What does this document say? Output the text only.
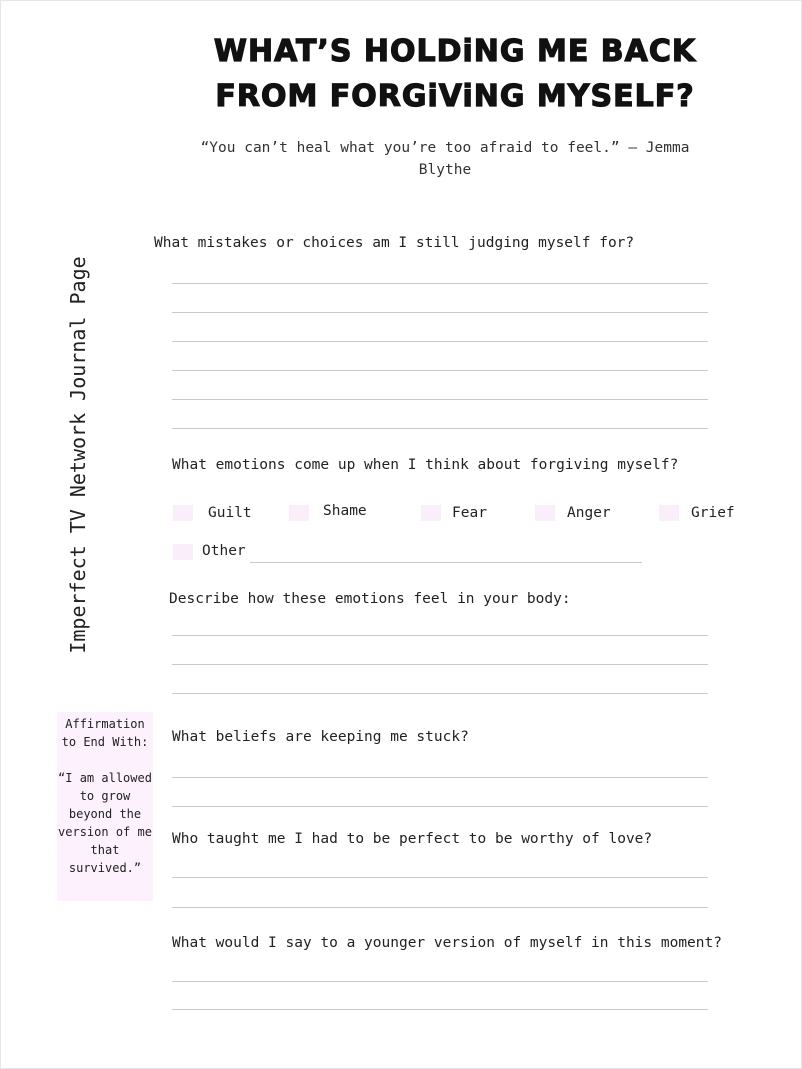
WHAT’S HOLDiNG ME BACK
FROM FORGiViNG MYSELF?
“You can’t heal what you’re too afraid to feel.” — Jemma Blythe
Imperfect TV Network Journal Page
What mistakes or choices am I still judging myself for?
What emotions come up when I think about forgiving myself?
Guilt	Shame	Fear	Anger	Grief
Other
Describe how these emotions feel in your body:
Affirmation to End With:
“I am allowed to grow beyond the version of me that survived.”
What beliefs are keeping me stuck?
Who taught me I had to be perfect to be worthy of love?
What would I say to a younger version of myself in this moment?
